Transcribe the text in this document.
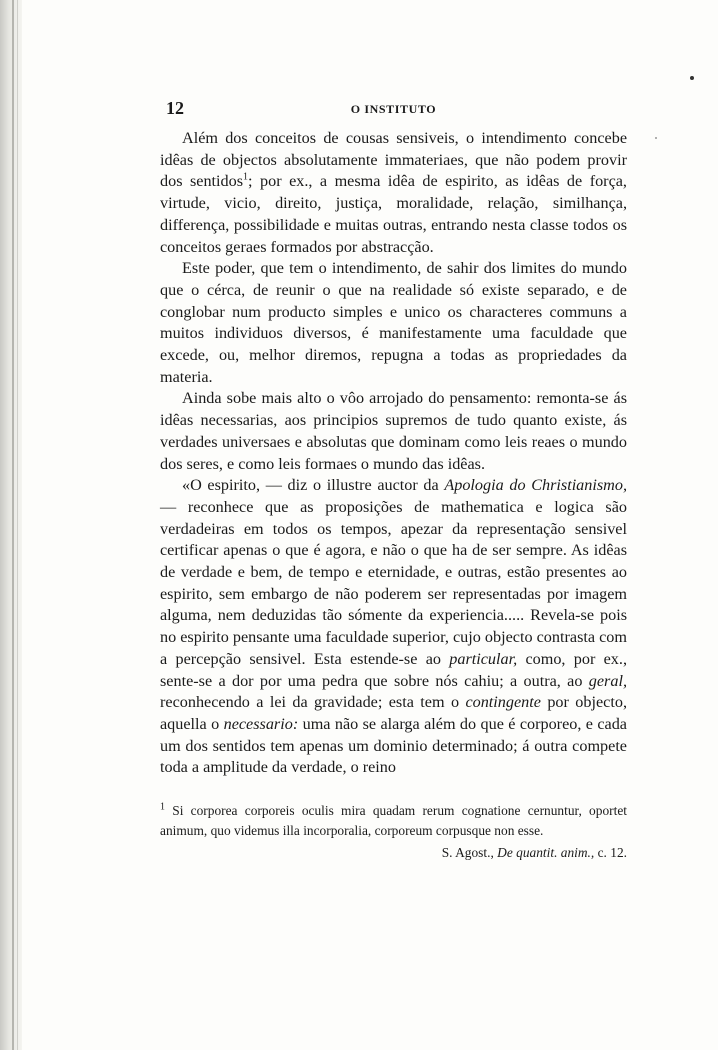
12	O INSTITUTO

Além dos conceitos de cousas sensiveis, o intendimento concebe idêas de objectos absolutamente immateriaes, que não podem provir dos sentidos$^1$; por ex., a mesma idêa de espirito, as idêas de força, virtude, vicio, direito, justiça, moralidade, relação, similhança, differença, possibilidade e muitas outras, entrando nesta classe todos os conceitos geraes formados por abstracção.

Este poder, que tem o intendimento, de sahir dos limites do mundo que o cérca, de reunir o que na realidade só existe separado, e de conglobar num producto simples e unico os characteres communs a muitos individuos diversos, é manifestamente uma faculdade que excede, ou, melhor diremos, repugna a todas as propriedades da materia.

Ainda sobe mais alto o vôo arrojado do pensamento: remonta-se ás idêas necessarias, aos principios supremos de tudo quanto existe, ás verdades universaes e absolutas que dominam como leis reaes o mundo dos seres, e como leis formaes o mundo das idêas.

«O espirito, — diz o illustre auctor da Apologia do Christianismo, — reconhece que as proposições de mathematica e logica são verdadeiras em todos os tempos, apezar da representação sensivel certificar apenas o que é agora, e não o que ha de ser sempre. As idêas de verdade e bem, de tempo e eternidade, e outras, estão presentes ao espirito, sem embargo de não poderem ser representadas por imagem alguma, nem deduzidas tão sómente da experiencia..... Revela-se pois no espirito pensante uma faculdade superior, cujo objecto contrasta com a percepção sensivel. Esta estende-se ao particular, como, por ex., sente-se a dor por uma pedra que sobre nós cahiu; a outra, ao geral, reconhecendo a lei da gravidade; esta tem o contingente por objecto, aquella o necessario: uma não se alarga além do que é corporeo, e cada um dos sentidos tem apenas um dominio determinado; á outra compete toda a amplitude da verdade, o reino

$^1$ Si corporea corporeis oculis mira quadam rerum cognatione cernuntur, oportet animum, quo videmus illa incorporalia, corporeum corpusque non esse.

S. Agost., De quantit. anim., c. 12.
